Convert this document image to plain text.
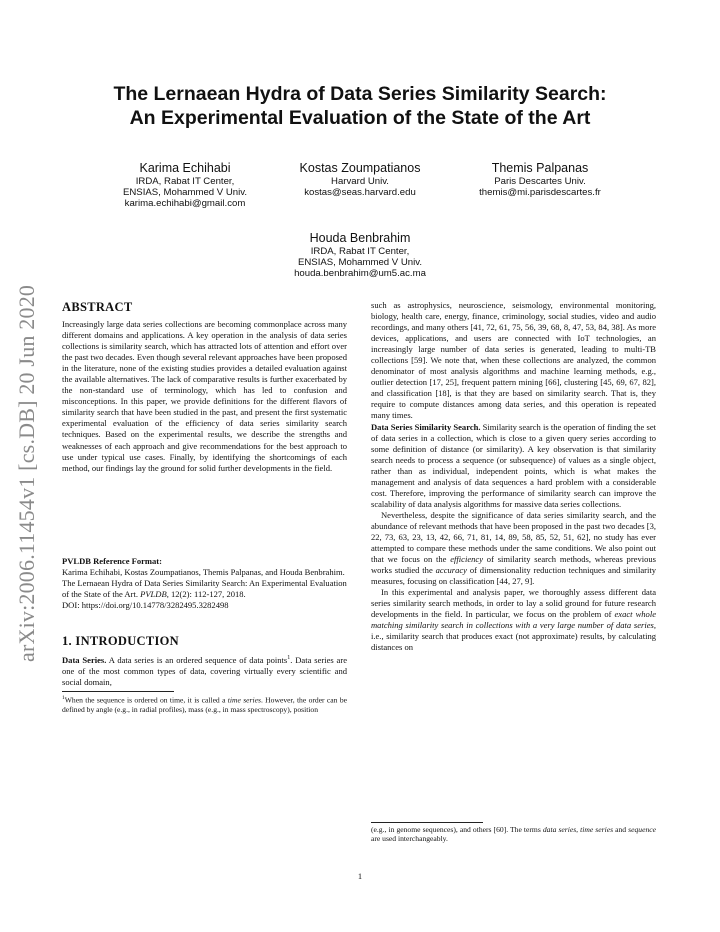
arXiv:2006.11454v1 [cs.DB] 20 Jun 2020
The Lernaean Hydra of Data Series Similarity Search:
An Experimental Evaluation of the State of the Art
Karima Echihabi
IRDA, Rabat IT Center,
ENSIAS, Mohammed V Univ.
karima.echihabi@gmail.com
Kostas Zoumpatianos
Harvard Univ.
kostas@seas.harvard.edu
Themis Palpanas
Paris Descartes Univ.
themis@mi.parisdescartes.fr
Houda Benbrahim
IRDA, Rabat IT Center,
ENSIAS, Mohammed V Univ.
houda.benbrahim@um5.ac.ma
ABSTRACT

Increasingly large data series collections are becoming commonplace across many different domains and applications. A key operation in the analysis of data series collections is similarity search, which has attracted lots of attention and effort over the past two decades. Even though several relevant approaches have been proposed in the literature, none of the existing studies provides a detailed evaluation against the available alternatives. The lack of comparative results is further exacerbated by the non-standard use of terminology, which has led to confusion and misconceptions. In this paper, we provide definitions for the different flavors of similarity search that have been studied in the past, and present the first systematic experimental evaluation of the efficiency of data series similarity search techniques. Based on the experimental results, we describe the strengths and weaknesses of each approach and give recommendations for the best approach to use under typical use cases. Finally, by identifying the shortcomings of each method, our findings lay the ground for solid further developments in the field.

PVLDB Reference Format:

Karima Echihabi, Kostas Zoumpatianos, Themis Palpanas, and Houda Benbrahim. The Lernaean Hydra of Data Series Similarity Search: An Experimental Evaluation of the State of the Art. PVLDB, 12(2): 112-127, 2018.

DOI: https://doi.org/10.14778/3282495.3282498

1. INTRODUCTION

Data Series. A data series is an ordered sequence of data points$^1$. Data series are one of the most common types of data, covering virtually every scientific and social domain,

$^1$When the sequence is ordered on time, it is called a time series. However, the order can be defined by angle (e.g., in radial profiles), mass (e.g., in mass spectroscopy), position

such as astrophysics, neuroscience, seismology, environmental monitoring, biology, health care, energy, finance, criminology, social studies, video and audio recordings, and many others [41, 72, 61, 75, 56, 39, 68, 8, 47, 53, 84, 38]. As more devices, applications, and users are connected with IoT technologies, an increasingly large number of data series is generated, leading to multi-TB collections [59]. We note that, when these collections are analyzed, the common denominator of most analysis algorithms and machine learning methods, e.g., outlier detection [17, 25], frequent pattern mining [66], clustering [45, 69, 67, 82], and classification [18], is that they are based on similarity search. That is, they require to compute distances among data series, and this operation is repeated many times.

Data Series Similarity Search. Similarity search is the operation of finding the set of data series in a collection, which is close to a given query series according to some definition of distance (or similarity). A key observation is that similarity search needs to process a sequence (or subsequence) of values as a single object, rather than as individual, independent points, which is what makes the management and analysis of data sequences a hard problem with a considerable cost. Therefore, improving the performance of similarity search can improve the scalability of data analysis algorithms for massive data series collections.

Nevertheless, despite the significance of data series similarity search, and the abundance of relevant methods that have been proposed in the past two decades [3, 22, 73, 63, 23, 13, 42, 66, 71, 81, 14, 89, 58, 85, 52, 51, 62], no study has ever attempted to compare these methods under the same conditions. We also point out that we focus on the efficiency of similarity search methods, whereas previous works studied the accuracy of dimensionality reduction techniques and similarity measures, focusing on classification [44, 27, 9].

In this experimental and analysis paper, we thoroughly assess different data series similarity search methods, in order to lay a solid ground for future research developments in the field. In particular, we focus on the problem of exact whole matching similarity search in collections with a very large number of data series, i.e., similarity search that produces exact (not approximate) results, by calculating distances on

(e.g., in genome sequences), and others [60]. The terms data series, time series and sequence are used interchangeably.
1
